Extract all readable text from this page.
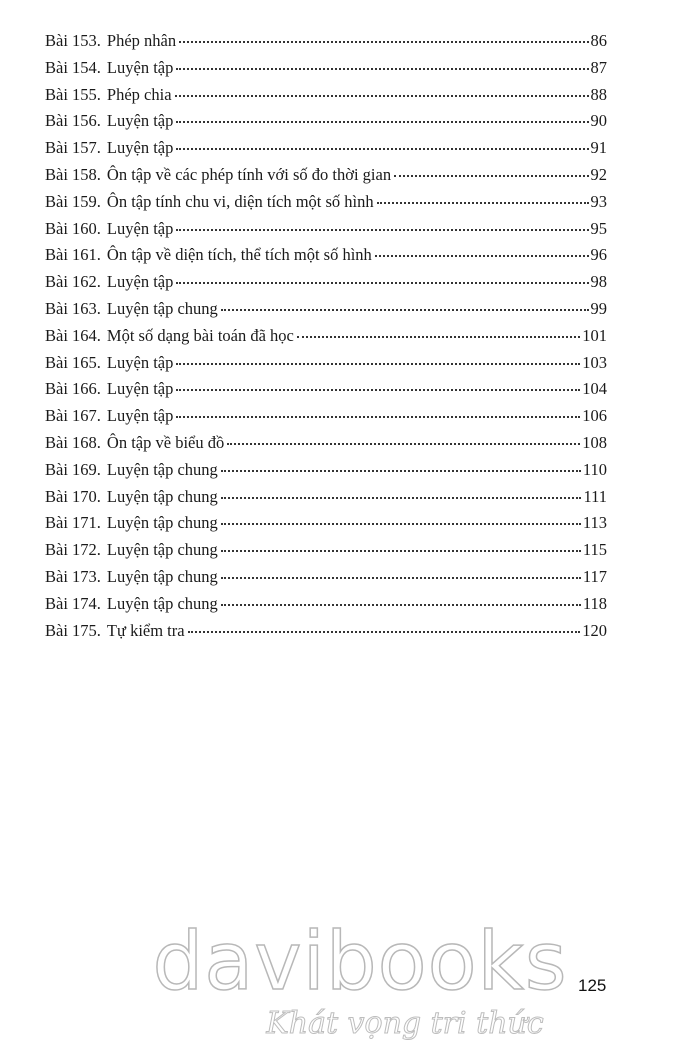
Bài 153. Phép nhân	86
Bài 154. Luyện tập	87
Bài 155. Phép chia	88
Bài 156. Luyện tập	90
Bài 157. Luyện tập	91
Bài 158. Ôn tập về các phép tính với số đo thời gian	92
Bài 159. Ôn tập tính chu vi, diện tích một số hình	93
Bài 160. Luyện tập	95
Bài 161. Ôn tập về diện tích, thể tích một số hình	96
Bài 162. Luyện tập	98
Bài 163. Luyện tập chung	99
Bài 164. Một số dạng bài toán đã học	101
Bài 165. Luyện tập	103
Bài 166. Luyện tập	104
Bài 167. Luyện tập	106
Bài 168. Ôn tập về biểu đồ	108
Bài 169. Luyện tập chung	110
Bài 170. Luyện tập chung	111
Bài 171. Luyện tập chung	113
Bài 172. Luyện tập chung	115
Bài 173. Luyện tập chung	117
Bài 174. Luyện tập chung	118
Bài 175. Tự kiểm tra	120
davibooks
Khát vọng tri thức
125
